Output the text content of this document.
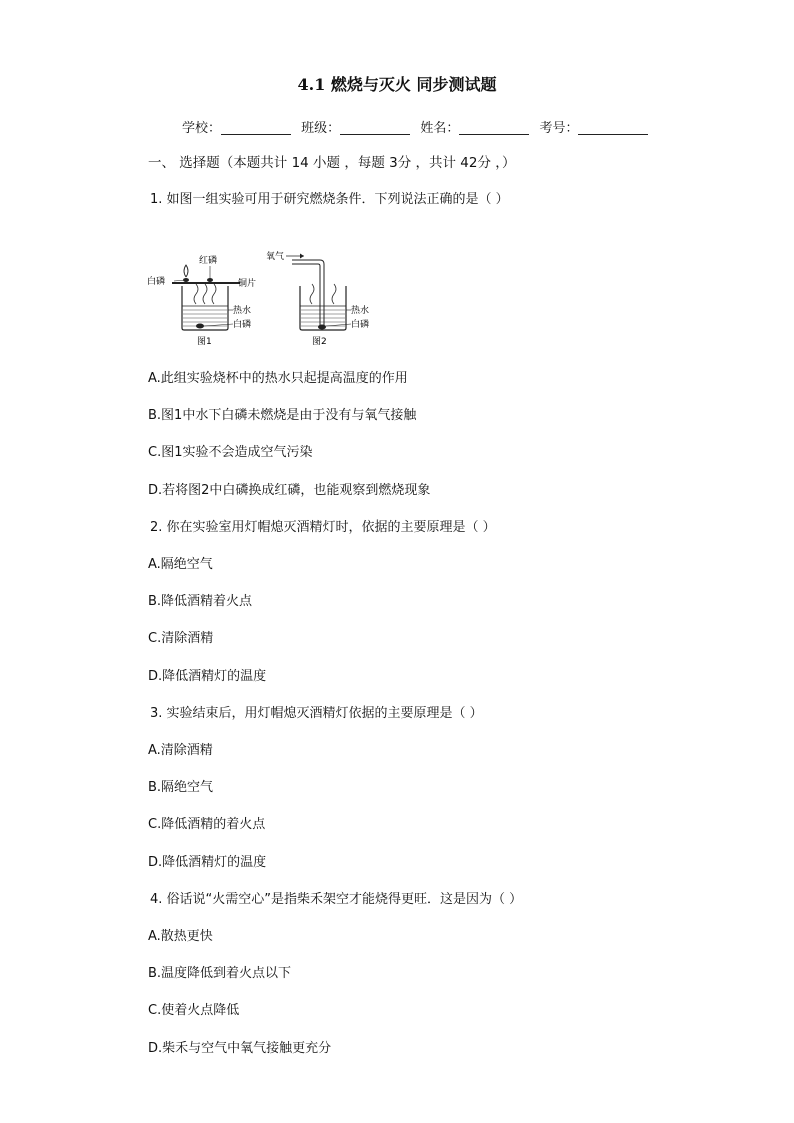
4.1 燃烧与灭火 同步测试题
学校：	班级：	姓名：	考号：
一、 选择题（本题共计 14 小题 ，每题 3分 ，共计 42分 ，）
1. 如图一组实验可用于研究燃烧条件．下列说法正确的是（ ）
红磷
白磷	铜片
热水
白磷
图1
氧气
热水
白磷
图2
A.此组实验烧杯中的热水只起提高温度的作用
B.图1中水下白磷未燃烧是由于没有与氧气接触
C.图1实验不会造成空气污染
D.若将图2中白磷换成红磷，也能观察到燃烧现象
2. 你在实验室用灯帽熄灭酒精灯时，依据的主要原理是（ ）
A.隔绝空气
B.降低酒精着火点
C.清除酒精
D.降低酒精灯的温度
3. 实验结束后，用灯帽熄灭酒精灯依据的主要原理是（ ）
A.清除酒精
B.隔绝空气
C.降低酒精的着火点
D.降低酒精灯的温度
4. 俗话说“火需空心”是指柴禾架空才能烧得更旺．这是因为（ ）
A.散热更快
B.温度降低到着火点以下
C.使着火点降低
D.柴禾与空气中氧气接触更充分
